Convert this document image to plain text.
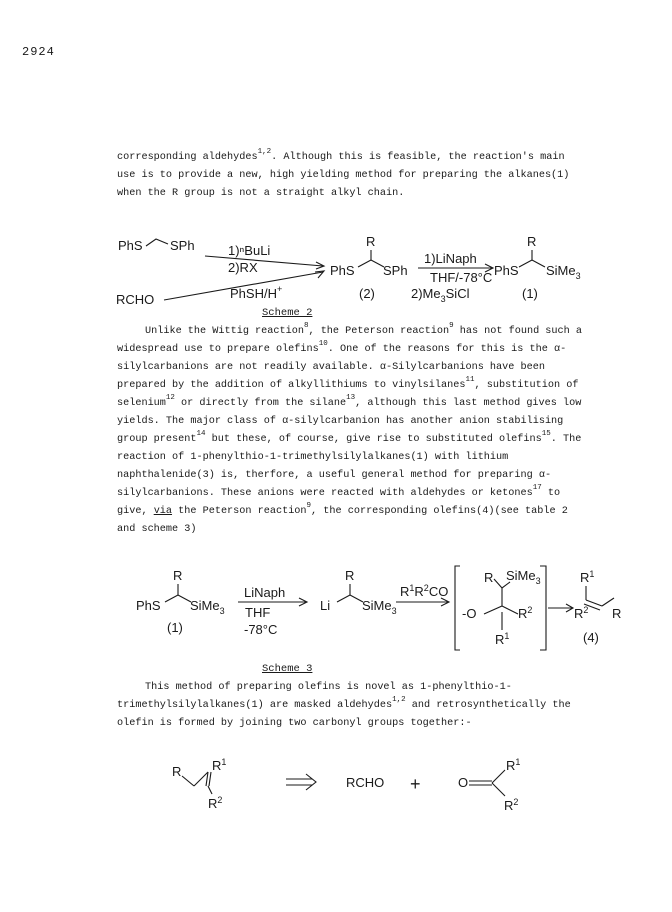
2924

corresponding aldehydes$^{1,2}$. Although this is feasible, the reaction's main use is to provide a new, high yielding method for preparing the alkanes(1) when the R group is not a straight alkyl chain.

PhS SPh	1)ⁿBuLi
2)RX
RCHO	PhSH/H+
R
PhS SPh
(2)
1)LiNaph
THF/-78°C
$2)Me_3SiCl$
R
PhS SiMe$_3$
(1)
Scheme 2

Unlike the Wittig reaction$^8$, the Peterson reaction$^9$ has not found such a widespread use to prepare olefins$^{10}$. One of the reasons for this is the α-silylcarbanions are not readily available. α-Silylcarbanions have been prepared by the addition of alkyllithiums to vinylsilanes$^{11}$, substitution of selenium$^{12}$ or directly from the silane$^{13}$, although this last method gives low yields. The major class of α-silylcarbanion has another anion stabilising group present$^{14}$ but these, of course, give rise to substituted olefins$^{15}$. The reaction of 1-phenylthio-1-trimethylsilylalkanes(1) with lithium naphthalenide(3) is, therfore, a useful general method for preparing α-silylcarbanions. These anions were reacted with aldehydes or ketones$^{17}$ to give, via the Peterson reaction$^9$, the corresponding olefins(4)(see table 2 and scheme 3)

R
PhS SiMe$_3$
(1)
LiNaph
THF
-78°C
R
Li SiMe$_3$
$R^1R^2CO$
R SiMe$_3$
-O	$R^2$
$R^1$
$R^1$
$R^2$ R
(4)
Scheme 3

This method of preparing olefins is novel as 1-phenylthio-1-trimethylsilylalkanes(1) are masked aldehydes$^{1,2}$ and retrosynthetically the olefin is formed by joining two carbonyl groups together:-

R $R^1$
$R^2$
RCHO +	O
$R^1$
$R^2$
